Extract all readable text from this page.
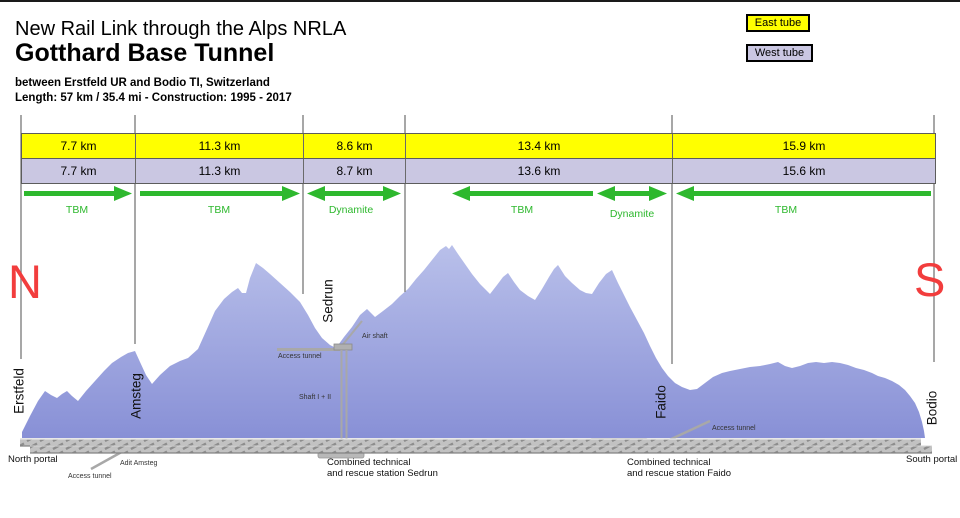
New Rail Link through the Alps NRLA
Gotthard Base Tunnel
between Erstfeld UR and Bodio TI, Switzerland
Length: 57 km / 35.4 mi - Construction: 1995 - 2017
East tube
West tube
7.7 km	11.3 km	8.6 km	13.4 km	15.9 km
7.7 km	11.3 km	8.7 km	13.6 km	15.6 km
TBM	TBM	Dynamite	TBM	Dynamite	TBM
N	S
Erstfeld	Amsteg
Sedrun
Faido	Bodio
North portal	South portal
Access tunnel
Adit Amsteg
Access tunnel
Air shaft
Shaft I + II
Access tunnel
Combined technical
and rescue station Sedrun
Combined technical
and rescue station Faido
